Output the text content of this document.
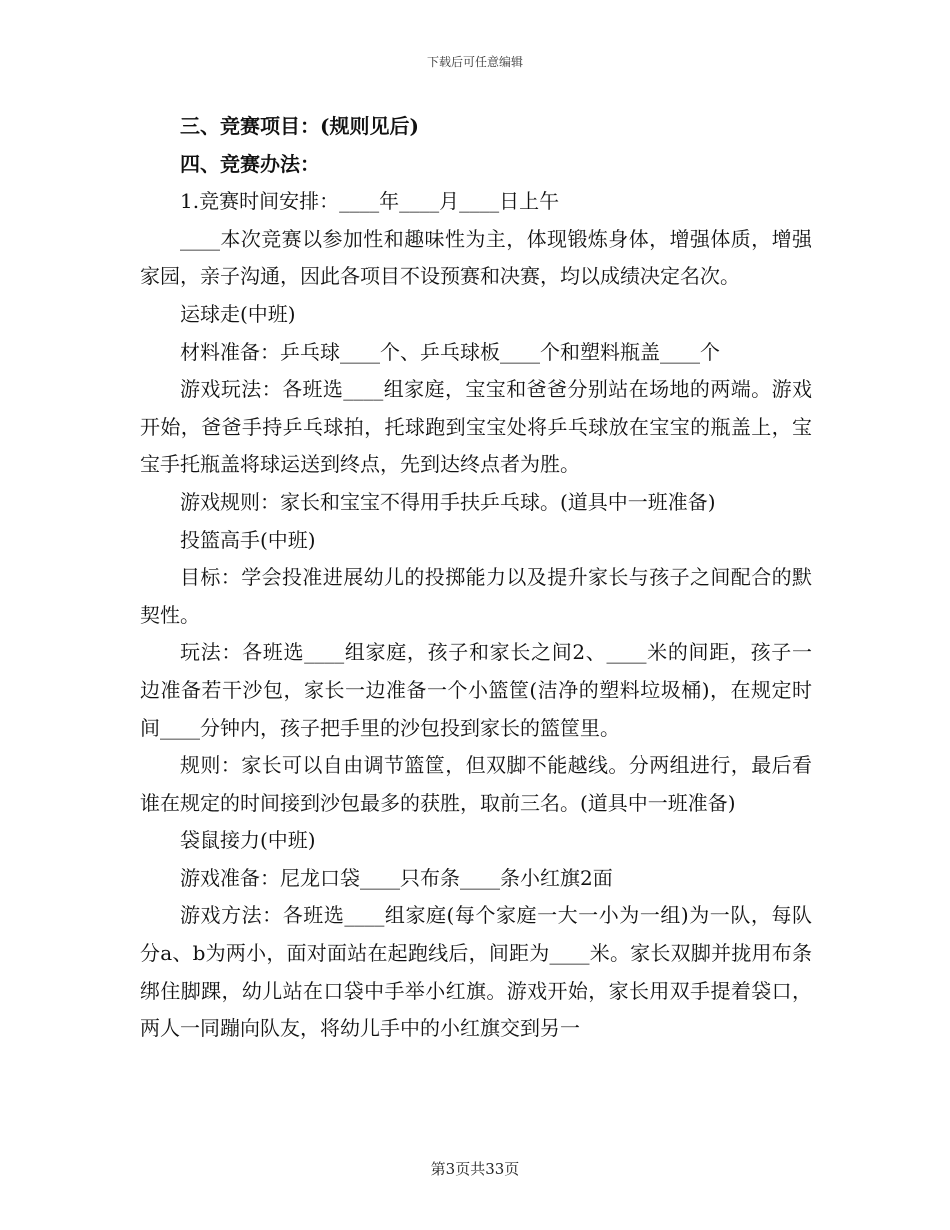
下载后可任意编辑

三、竞赛项目：(规则见后)

四、竞赛办法：

1.竞赛时间安排：____年____月____日上午

____本次竞赛以参加性和趣味性为主，体现锻炼身体，增强体质，增强家园，亲子沟通，因此各项目不设预赛和决赛，均以成绩决定名次。

运球走(中班)

材料准备：乒乓球____个、乒乓球板____个和塑料瓶盖____个

游戏玩法：各班选____组家庭，宝宝和爸爸分别站在场地的两端。游戏开始，爸爸手持乒乓球拍，托球跑到宝宝处将乒乓球放在宝宝的瓶盖上，宝宝手托瓶盖将球运送到终点，先到达终点者为胜。

游戏规则：家长和宝宝不得用手扶乒乓球。(道具中一班准备)

投篮高手(中班)

目标：学会投准进展幼儿的投掷能力以及提升家长与孩子之间配合的默契性。

玩法：各班选____组家庭，孩子和家长之间2、____米的间距，孩子一边准备若干沙包，家长一边准备一个小篮筐(洁净的塑料垃圾桶)，在规定时间____分钟内，孩子把手里的沙包投到家长的篮筐里。

规则：家长可以自由调节篮筐，但双脚不能越线。分两组进行，最后看谁在规定的时间接到沙包最多的获胜，取前三名。(道具中一班准备)

袋鼠接力(中班)

游戏准备：尼龙口袋____只布条____条小红旗2面

游戏方法：各班选____组家庭(每个家庭一大一小为一组)为一队，每队分a、b为两小，面对面站在起跑线后，间距为____米。家长双脚并拢用布条绑住脚踝，幼儿站在口袋中手举小红旗。游戏开始，家长用双手提着袋口，两人一同蹦向队友，将幼儿手中的小红旗交到另一

第3页共33页
